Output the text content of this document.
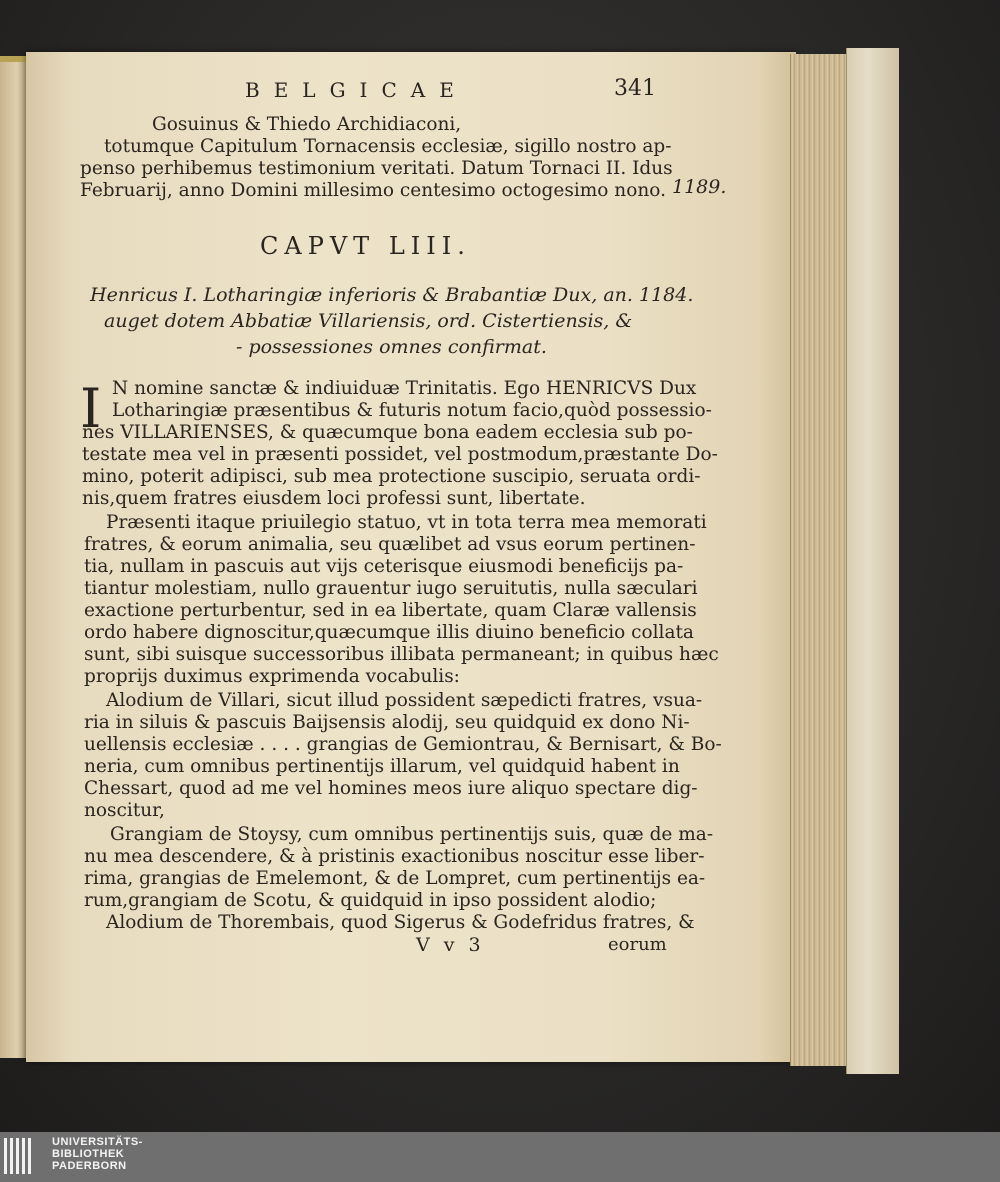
BELGICAE	341
Gosuinus & Thiedo Archidiaconi,
totumque Capitulum Tornacensis ecclesiæ, sigillo nostro ap-
penso perhibemus testimonium veritati. Datum Tornaci II. Idus
Februarij, anno Domini millesimo centesimo octogesimo nono. 1189.
CAPVT LIII.
Henricus I. Lotharingiæ inferioris & Brabantiæ Dux, an. 1184.
auget dotem Abbatiæ Villariensis, ord. Cistertiensis, &
- possessiones omnes confirmat.
I N nomine sanctæ & indiuiduæ Trinitatis. Ego HENRICVS Dux
Lotharingiæ præsentibus & futuris notum facio,quòd possessio-
nes VILLARIENSES, & quæcumque bona eadem ecclesia sub po-
testate mea vel in præsenti possidet, vel postmodum,præstante Do-
mino, poterit adipisci, sub mea protectione suscipio, seruata ordi-
nis,quem fratres eiusdem loci professi sunt, libertate.
Præsenti itaque priuilegio statuo, vt in tota terra mea memorati
fratres, & eorum animalia, seu quælibet ad vsus eorum pertinen-
tia, nullam in pascuis aut vijs ceterisque eiusmodi beneficijs pa-
tiantur molestiam, nullo grauentur iugo seruitutis, nulla sæculari
exactione perturbentur, sed in ea libertate, quam Claræ vallensis
ordo habere dignoscitur,quæcumque illis diuino beneficio collata
sunt, sibi suisque successoribus illibata permaneant; in quibus hæc
proprijs duximus exprimenda vocabulis:
Alodium de Villari, sicut illud possident sæpedicti fratres, vsua-
ria in siluis & pascuis Baijsensis alodij, seu quidquid ex dono Ni-
uellensis ecclesiæ . . . . grangias de Gemiontrau, & Bernisart, & Bo-
neria, cum omnibus pertinentijs illarum, vel quidquid habent in
Chessart, quod ad me vel homines meos iure aliquo spectare dig-
noscitur,
Grangiam de Stoysy, cum omnibus pertinentijs suis, quæ de ma-
nu mea descendere, & à pristinis exactionibus noscitur esse liber-
rima, grangias de Emelemont, & de Lompret, cum pertinentijs ea-
rum,grangiam de Scotu, & quidquid in ipso possident alodio;
Alodium de Thorembais, quod Sigerus & Godefridus fratres, &
V v 3	eorum
UNIVERSITÄTS-
BIBLIOTHEK
PADERBORN
